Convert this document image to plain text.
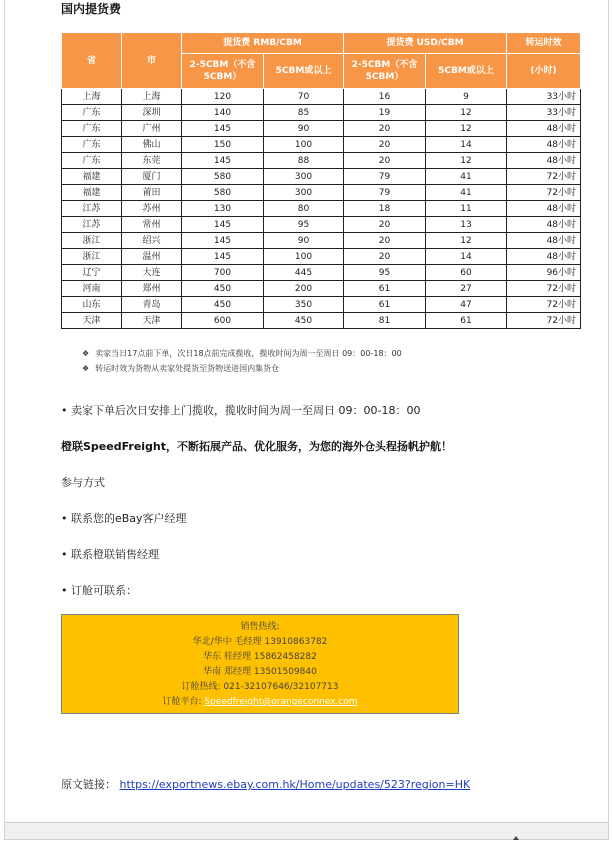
国内提货费
省	市	提货费 RMB/CBM		提货费 USD/CBM		转运时效
		2-5CBM（不含5CBM）	5CBM或以上	2-5CBM（不含5CBM）	5CBM或以上	(小时)
上海	上海	120	70	16	9	33小时
广东	深圳	140	85	19	12	33小时
广东	广州	145	90	20	12	48小时
广东	佛山	150	100	20	14	48小时
广东	东莞	145	88	20	12	48小时
福建	厦门	580	300	79	41	72小时
福建	莆田	580	300	79	41	72小时
江苏	苏州	130	80	18	11	48小时
江苏	常州	145	95	20	13	48小时
浙江	绍兴	145	90	20	12	48小时
浙江	温州	145	100	20	14	48小时
辽宁	大连	700	445	95	60	96小时
河南	郑州	450	200	61	27	72小时
山东	青岛	450	350	61	47	72小时
天津	天津	600	450	81	61	72小时
❖ 卖家当日17点前下单，次日18点前完成揽收，揽收时间为周一至周日 09：00-18：00
❖ 转运时效为货物从卖家处提货至货物送进国内集货仓
• 卖家下单后次日安排上门揽收，揽收时间为周一至周日 09：00-18：00
橙联SpeedFreight，不断拓展产品、优化服务，为您的海外仓头程扬帆护航！
参与方式
• 联系您的eBay客户经理
• 联系橙联销售经理
• 订舱可联系：
销售热线:
华北/华中 毛经理 13910863782
华东 桂经理 15862458282
华南 郑经理 13501509840
订舱热线: 021-32107646/32107713
订舱平台: Speedfreight@orangeconnex.com
原文链接： https://exportnews.ebay.com.hk/Home/updates/523?region=HK
